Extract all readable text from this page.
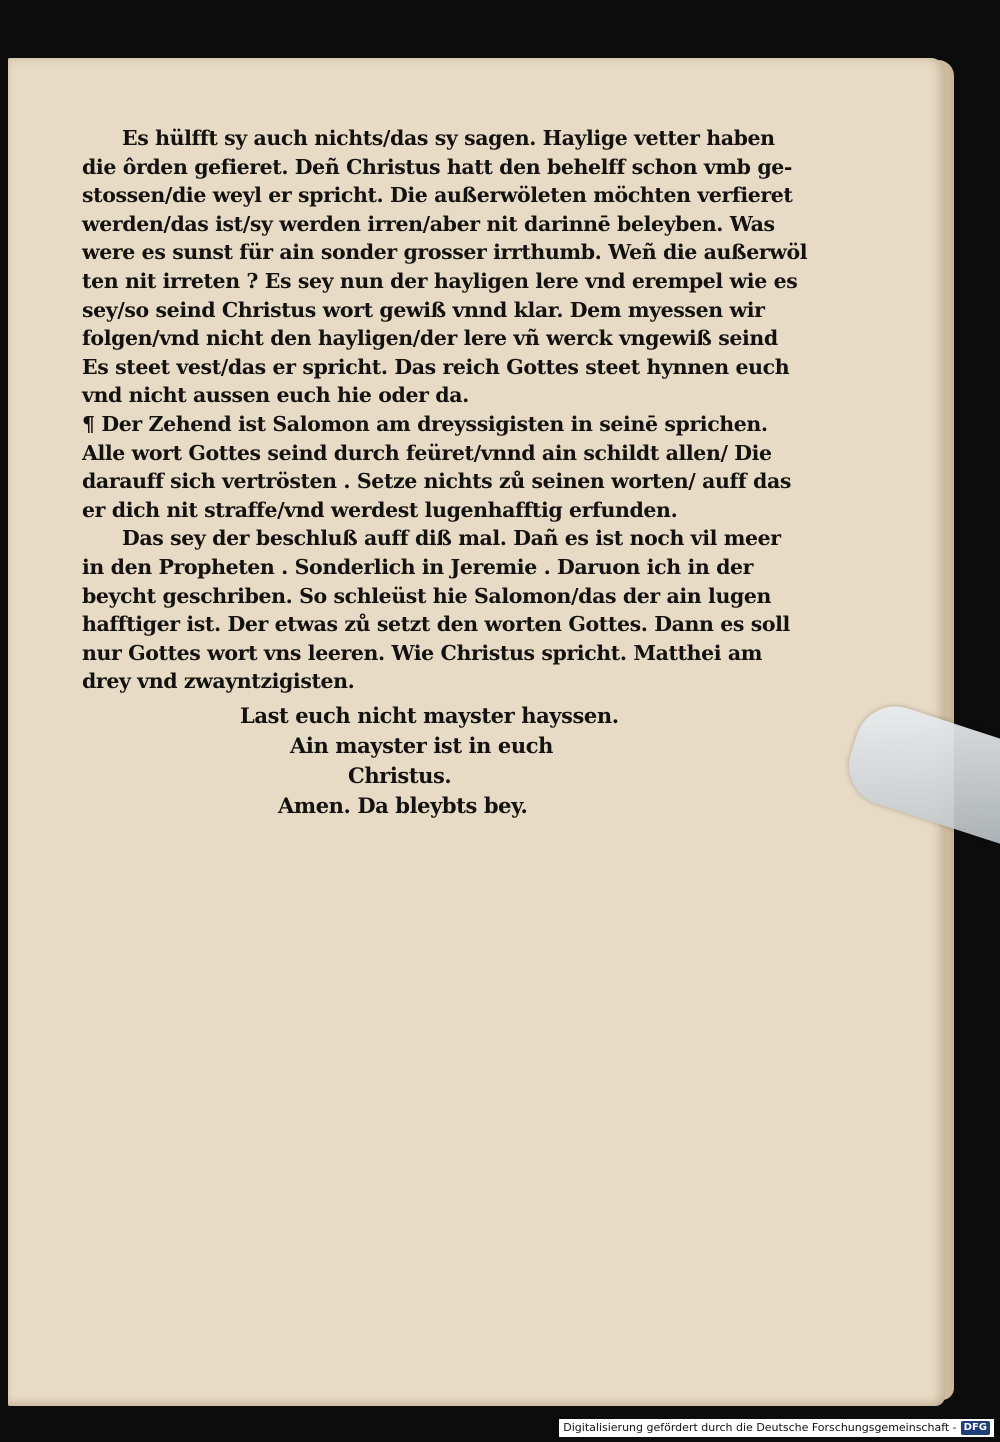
Es hülfft sy auch nichts/das sy sagen. Haylige vetter haben
die ôrden gefieret. Deñ Christus hatt den behelff schon vmb ge-
stossen/die weyl er spricht. Die außerwöleten möchten verfieret
werden/das ist/sy werden irren/aber nit darinnē beleyben. Was
were es sunst für ain sonder grosser irrthumb. Weñ die außerwöl
ten nit irreten ? Es sey nun der hayligen lere vnd erempel wie es
sey/so seind Christus wort gewiß vnnd klar. Dem myessen wir
folgen/vnd nicht den hayligen/der lere vñ werck vngewiß seind
Es steet vest/das er spricht. Das reich Gottes steet hynnen euch
vnd nicht aussen euch hie oder da.
¶ Der Zehend ist Salomon am dreyssigisten in seinē sprichen.
Alle wort Gottes seind durch feüret/vnnd ain schildt allen/ Die
darauff sich vertrösten . Setze nichts zů seinen worten/ auff das
er dich nit straffe/vnd werdest lugenhafftig erfunden.
Das sey der beschluß auff diß mal. Dañ es ist noch vil meer
in den Propheten . Sonderlich in Jeremie . Daruon ich in der
beycht geschriben. So schleüst hie Salomon/das der ain lugen
hafftiger ist. Der etwas zů setzt den worten Gottes. Dann es soll
nur Gottes wort vns leeren. Wie Christus spricht. Matthei am
drey vnd zwayntzigisten.
Last euch nicht mayster hayssen.
Ain mayster ist in euch
Christus.
Amen. Da bleybts bey.
Digitalisierung gefördert durch die Deutsche Forschungsgemeinschaft - DFG
